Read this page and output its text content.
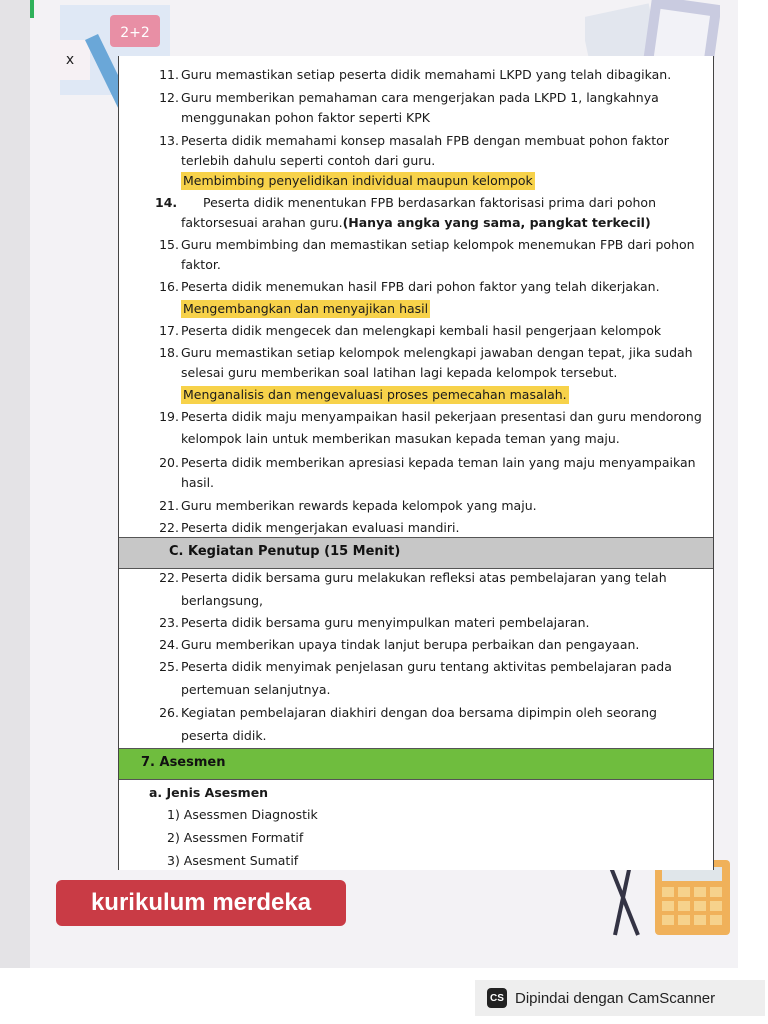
2+2
x
11. Guru memastikan setiap peserta didik memahami LKPD yang telah dibagikan.
12. Guru memberikan pemahaman cara mengerjakan pada LKPD 1, langkahnya
menggunakan pohon faktor seperti KPK
13. Peserta didik memahami konsep masalah FPB dengan membuat pohon faktor
terlebih dahulu seperti contoh dari guru.
Membimbing penyelidikan individual maupun kelompok
14. Peserta didik menentukan FPB berdasarkan faktorisasi prima dari pohon
faktorsesuai arahan guru.(Hanya angka yang sama, pangkat terkecil)
15. Guru membimbing dan memastikan setiap kelompok menemukan FPB dari pohon
faktor.
16. Peserta didik menemukan hasil FPB dari pohon faktor yang telah dikerjakan.
Mengembangkan dan menyajikan hasil
17. Peserta didik mengecek dan melengkapi kembali hasil pengerjaan kelompok
18. Guru memastikan setiap kelompok melengkapi jawaban dengan tepat, jika sudah
selesai guru memberikan soal latihan lagi kepada kelompok tersebut.
Menganalisis dan mengevaluasi proses pemecahan masalah.
19. Peserta didik maju menyampaikan hasil pekerjaan presentasi dan guru mendorong
kelompok lain untuk memberikan masukan kepada teman yang maju.
20. Peserta didik memberikan apresiasi kepada teman lain yang maju menyampaikan
hasil.
21. Guru memberikan rewards kepada kelompok yang maju.
22. Peserta didik mengerjakan evaluasi mandiri.
C. Kegiatan Penutup (15 Menit)
22. Peserta didik bersama guru melakukan refleksi atas pembelajaran yang telah
berlangsung,
23. Peserta didik bersama guru menyimpulkan materi pembelajaran.
24. Guru memberikan upaya tindak lanjut berupa perbaikan dan pengayaan.
25. Peserta didik menyimak penjelasan guru tentang aktivitas pembelajaran pada
pertemuan selanjutnya.
26. Kegiatan pembelajaran diakhiri dengan doa bersama dipimpin oleh seorang
peserta didik.
7. Asesmen
a. Jenis Asesmen
1) Asessmen Diagnostik
2) Asessmen Formatif
3) Asesment Sumatif
kurikulum merdeka
CS Dipindai dengan CamScanner
